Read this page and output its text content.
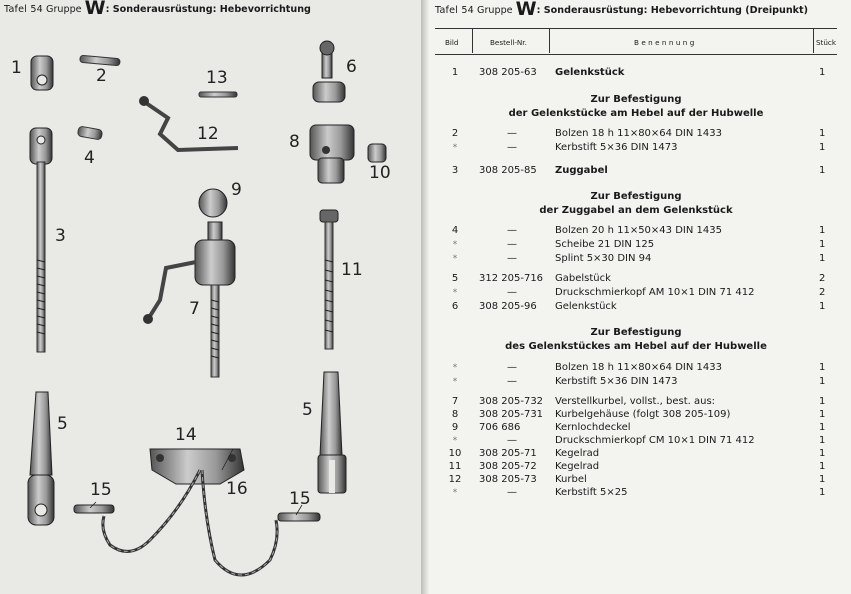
Tafel 54 Gruppe W: Sonderausrüstung: Hebevorrichtung
1	2	13
6
12	8
4
10
9
3
11
7
5
5
14
15	16 15
Tafel 54 Gruppe W: Sonderausrüstung: Hebevorrichtung (Dreipunkt)
Bild	Bestell-Nr.	Benennung	Stück
1	308 205-63	Gelenkstück	1
Zur Befestigung
der Gelenkstücke am Hebel auf der Hubwelle
2	—	Bolzen 18 h 11×80×64 DIN 1433	1
*	—	Kerbstift 5×36 DIN 1473	1
3	308 205-85	Zuggabel	1
Zur Befestigung
der Zuggabel an dem Gelenkstück
4	—	Bolzen 20 h 11×50×43 DIN 1435	1
*	—	Scheibe 21 DIN 125	1
*	—	Splint 5×30 DIN 94	1
5	312 205-716	Gabelstück	2
*	—	Druckschmierkopf AM 10×1 DIN 71 412	2
6	308 205-96	Gelenkstück	1
Zur Befestigung
des Gelenkstückes am Hebel auf der Hubwelle
*	—	Bolzen 18 h 11×80×64 DIN 1433	1
*	—	Kerbstift 5×36 DIN 1473	1
7	308 205-732	Verstellkurbel, vollst., best. aus:	1
8	308 205-731	Kurbelgehäuse (folgt 308 205-109)	1
9	706 686	Kernlochdeckel	1
*	—	Druckschmierkopf CM 10×1 DIN 71 412	1
10	308 205-71	Kegelrad	1
11	308 205-72	Kegelrad	1
12	308 205-73	Kurbel	1
*	—	Kerbstift 5×25	1
